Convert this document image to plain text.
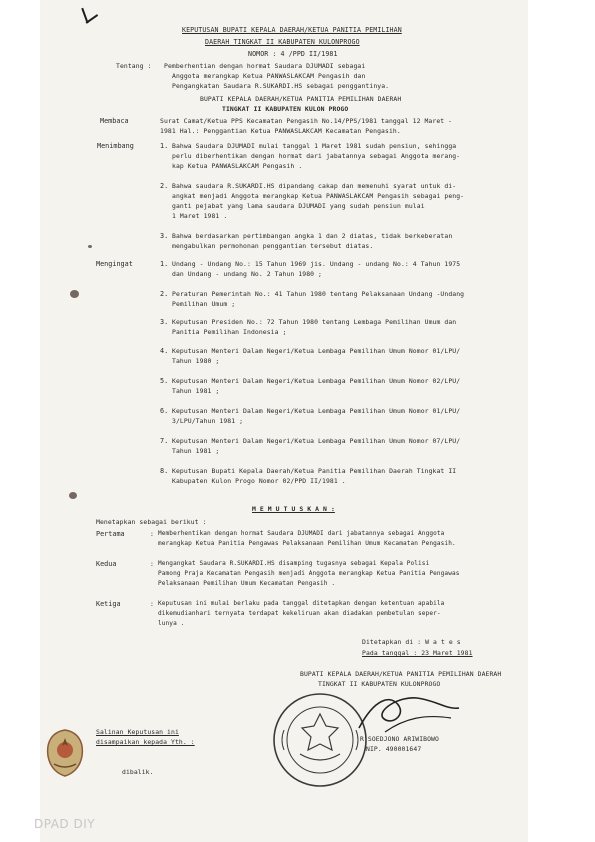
KEPUTUSAN BUPATI KEPALA DAERAH/KETUA PANITIA PEMILIHAN
DAERAH TINGKAT II KABUPATEN KULONPROGO
NOMOR : 4 /PPD II/1981
Tentang : Pemberhentian dengan hormat Saudara DJUMADI sebagai
Anggota merangkap Ketua PANWASLAKCAM Pengasih dan
Pengangkatan Saudara R.SUKARDI.HS sebagai penggantinya.
BUPATI KEPALA DAERAH/KETUA PANITIA PEMILIHAN DAERAH
TINGKAT II KABUPATEN KULON PROGO
Membaca	Surat Camat/Ketua PPS Kecamatan Pengasih No.14/PPS/1981 tanggal 12 Maret -
1981 Hal.: Penggantian Ketua PANWASLAKCAM Kecamatan Pengasih.
Menimbang	1. Bahwa Saudara DJUMADI mulai tanggal 1 Maret 1981 sudah pensiun, sehingga
perlu diberhentikan dengan hormat dari jabatannya sebagai Anggota merang-
kap Ketua PANWASLAKCAM Pengasih .
2. Bahwa saudara R.SUKARDI.HS dipandang cakap dan memenuhi syarat untuk di-
angkat menjadi Anggota merangkap Ketua PANWASLAKCAM Pengasih sebagai peng-
ganti pejabat yang lama saudara DJUMADI yang sudah pensiun mulai
1 Maret 1981 .
3. Bahwa berdasarkan pertimbangan angka 1 dan 2 diatas, tidak berkeberatan
mengabulkan permohonan penggantian tersebut diatas.
Mengingat	1. Undang - Undang No.: 15 Tahun 1969 jis. Undang - undang No.: 4 Tahun 1975
dan Undang - undang No. 2 Tahun 1980 ;
2. Peraturan Pemerintah No.: 41 Tahun 1980 tentang Pelaksanaan Undang -Undang
Pemilihan Umum ;
3. Keputusan Presiden No.: 72 Tahun 1980 tentang Lembaga Pemilihan Umum dan
Panitia Pemilihan Indonesia ;
4. Keputusan Menteri Dalam Negeri/Ketua Lembaga Pemilihan Umum Nomor 01/LPU/
Tahun 1980 ;
5. Keputusan Menteri Dalam Negeri/Ketua Lembaga Pemilihan Umum Nomor 02/LPU/
Tahun 1981 ;
6. Keputusan Menteri Dalam Negeri/Ketua Lembaga Pemilihan Umum Nomor 01/LPU/
3/LPU/Tahun 1981 ;
7. Keputusan Menteri Dalam Negeri/Ketua Lembaga Pemilihan Umum Nomor 07/LPU/
Tahun 1981 ;
8. Keputusan Bupati Kepala Daerah/Ketua Panitia Pemilihan Daerah Tingkat II
Kabupaten Kulon Progo Nomor 02/PPD II/1981 .
M E M U T U S K A N :
Menetapkan sebagai berikut :
Pertama	: Memberhentikan dengan hormat Saudara DJUMADI dari jabatannya sebagai Anggota
merangkap Ketua Panitia Pengawas Pelaksanaan Pemilihan Umum Kecamatan Pengasih.
Kedua	: Mengangkat Saudara R.SUKARDI.HS disamping tugasnya sebagai Kepala Polisi
Pamong Praja Kecamatan Pengasih menjadi Anggota merangkap Ketua Panitia Pengawas
Pelaksanaan Pemilihan Umum Kecamatan Pengasih .
Ketiga	: Keputusan ini mulai berlaku pada tanggal ditetapkan dengan ketentuan apabila
dikemudianhari ternyata terdapat kekeliruan akan diadakan pembetulan seper-
lunya .
Ditetapkan di : W a t e s
Pada tanggal : 23 Maret 1981
BUPATI KEPALA DAERAH/KETUA PANITIA PEMILIHAN DAERAH
TINGKAT II KABUPATEN KULONPROGO
R.SOEDJONO ARIWIBOWO
NIP. 490001647
Salinan Keputusan ini
disampaikan kepada Yth. :
dibalik.
DPAD DIY
